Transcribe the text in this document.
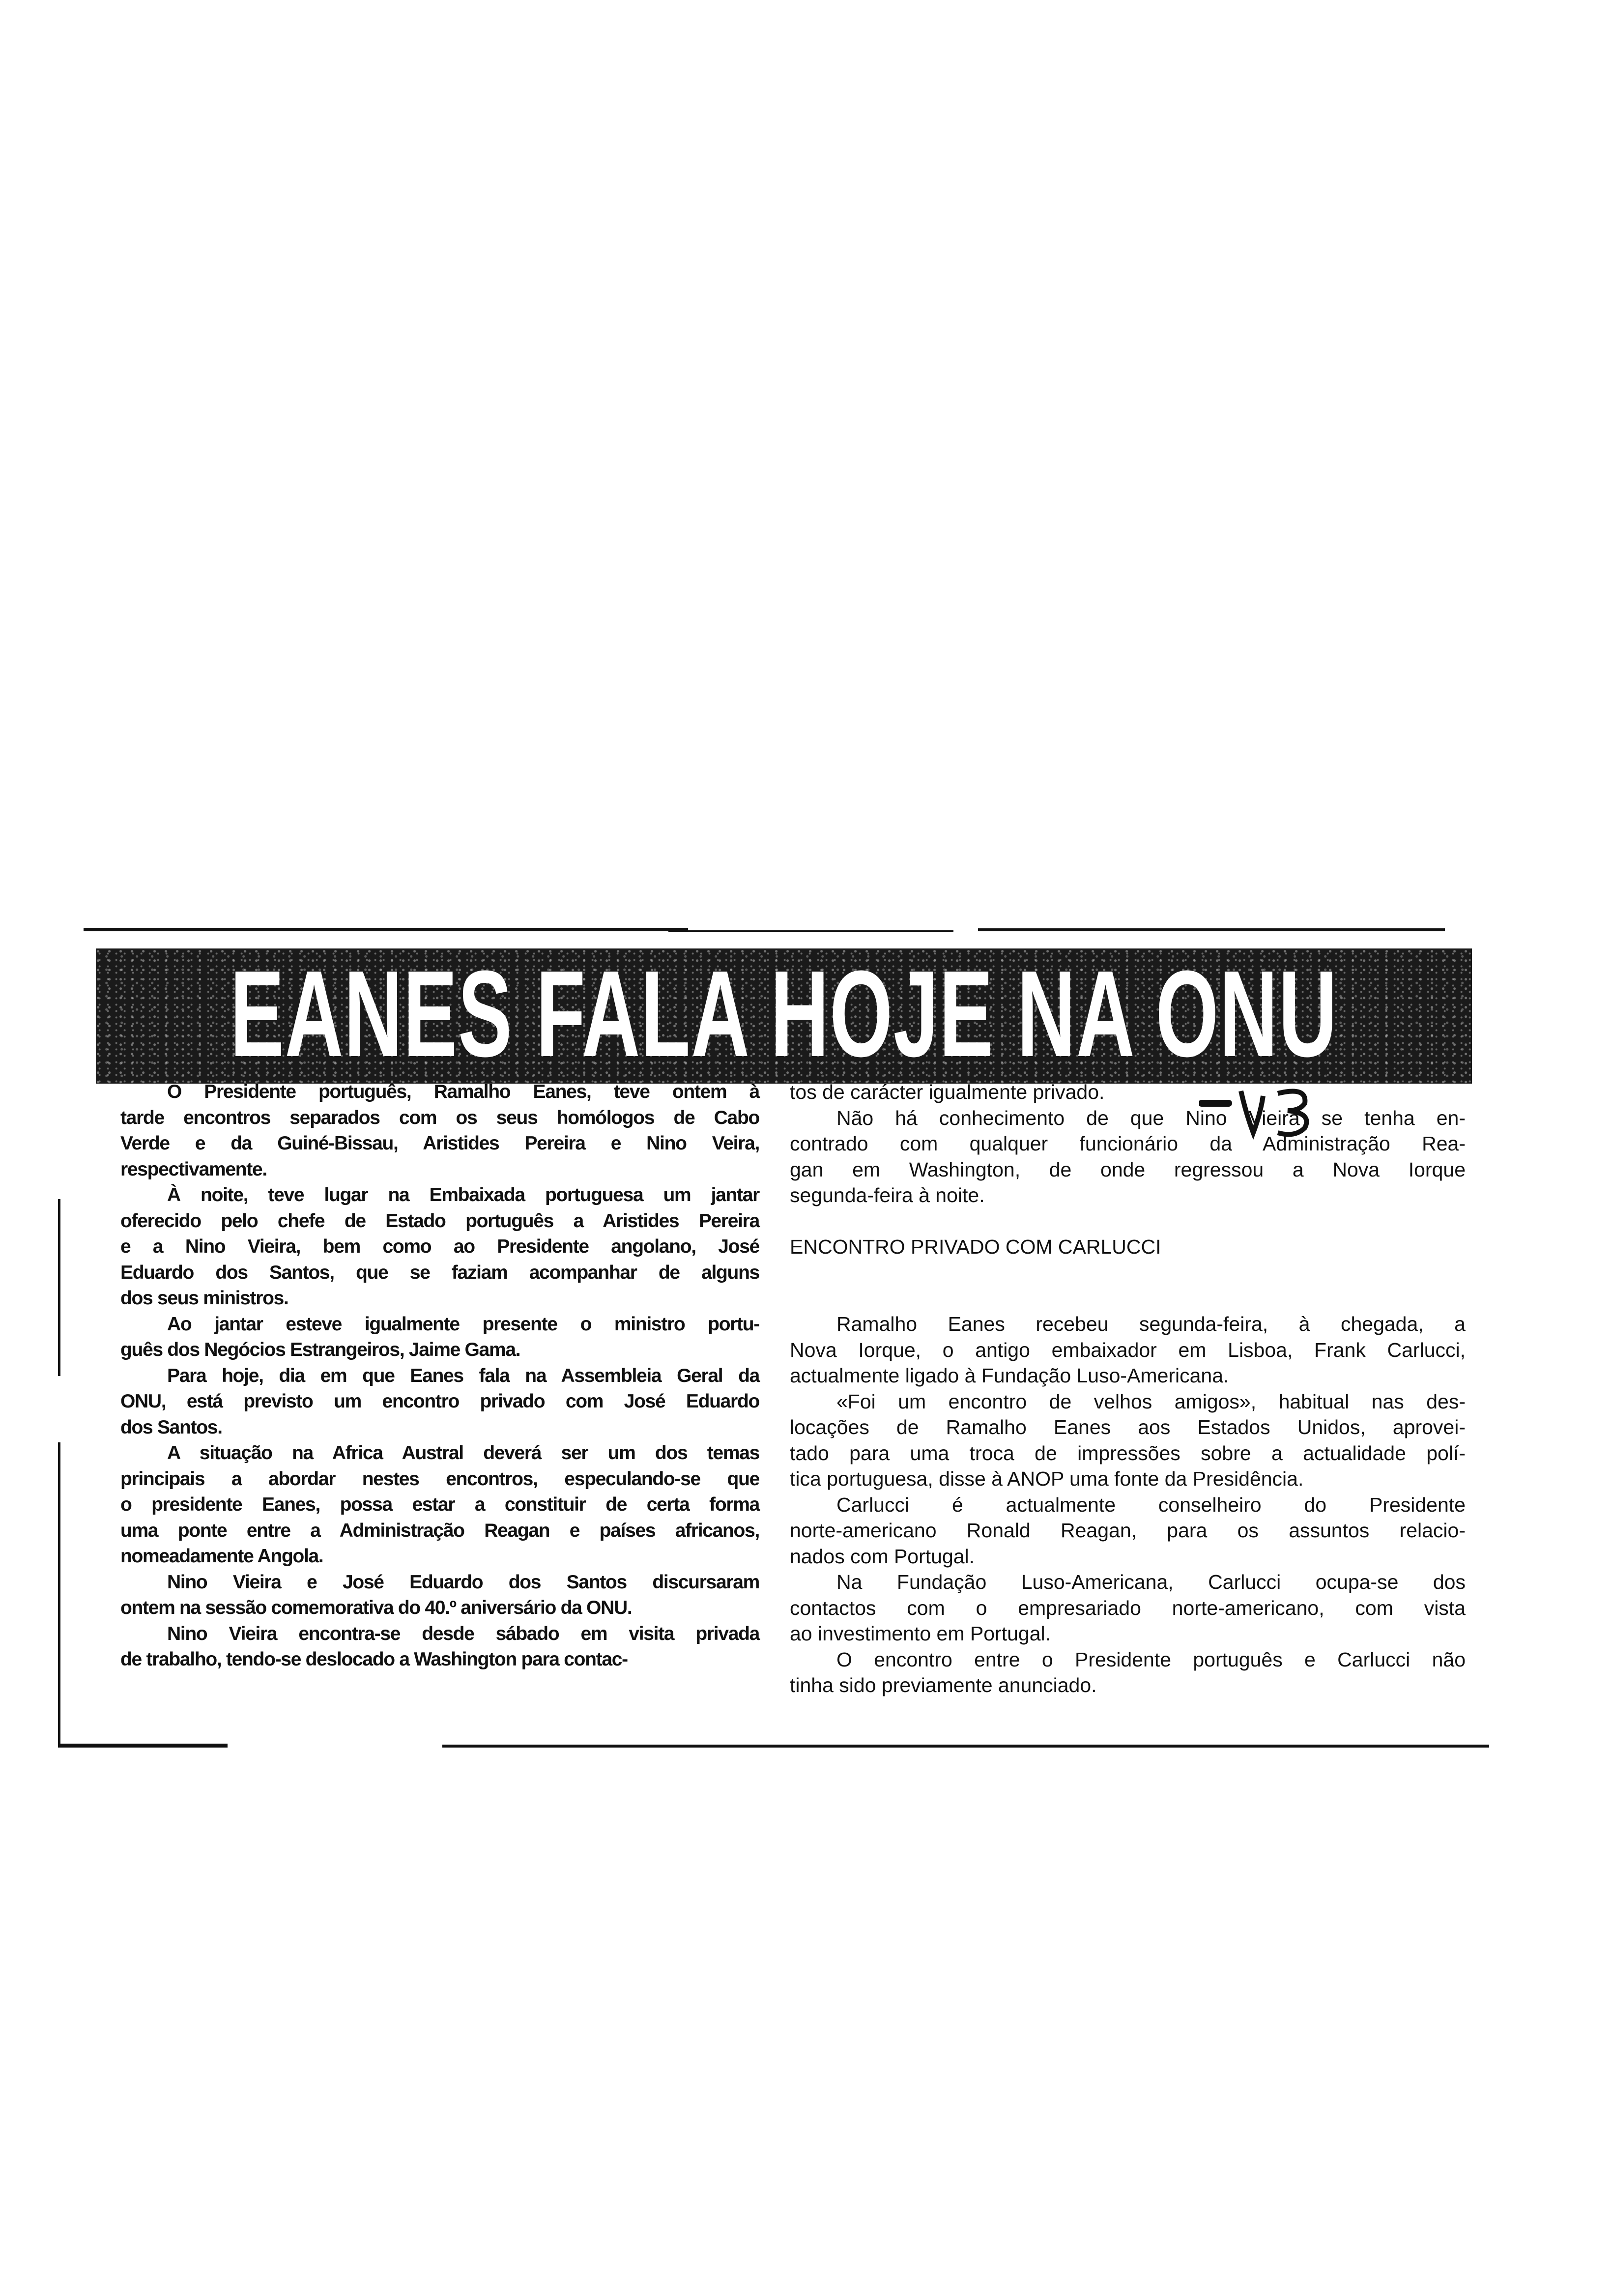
EANES FALA HOJE NA ONU
O Presidente português, Ramalho Eanes, teve ontem à
tarde encontros separados com os seus homólogos de Cabo
Verde e da Guiné-Bissau, Aristides Pereira e Nino Veira,
respectivamente.
À noite, teve lugar na Embaixada portuguesa um jantar
oferecido pelo chefe de Estado português a Aristides Pereira
e a Nino Vieira, bem como ao Presidente angolano, José
Eduardo dos Santos, que se faziam acompanhar de alguns
dos seus ministros.
Ao jantar esteve igualmente presente o ministro portu-
guês dos Negócios Estrangeiros, Jaime Gama.
Para hoje, dia em que Eanes fala na Assembleia Geral da
ONU, está previsto um encontro privado com José Eduardo
dos Santos.
A situação na Africa Austral deverá ser um dos temas
principais a abordar nestes encontros, especulando-se que
o presidente Eanes, possa estar a constituir de certa forma
uma ponte entre a Administração Reagan e países africanos,
nomeadamente Angola.
Nino Vieira e José Eduardo dos Santos discursaram
ontem na sessão comemorativa do 40.º aniversário da ONU.
Nino Vieira encontra-se desde sábado em visita privada
de trabalho, tendo-se deslocado a Washington para contac-
tos de carácter igualmente privado.
Não há conhecimento de que Nino Vieira se tenha en-
contrado com qualquer funcionário da Administração Rea-
gan em Washington, de onde regressou a Nova Iorque
segunda-feira à noite.
ENCONTRO PRIVADO COM CARLUCCI
Ramalho Eanes recebeu segunda-feira, à chegada, a
Nova Iorque, o antigo embaixador em Lisboa, Frank Carlucci,
actualmente ligado à Fundação Luso-Americana.
«Foi um encontro de velhos amigos», habitual nas des-
locações de Ramalho Eanes aos Estados Unidos, aprovei-
tado para uma troca de impressões sobre a actualidade polí-
tica portuguesa, disse à ANOP uma fonte da Presidência.
Carlucci é actualmente conselheiro do Presidente
norte-americano Ronald Reagan, para os assuntos relacio-
nados com Portugal.
Na Fundação Luso-Americana, Carlucci ocupa-se dos
contactos com o empresariado norte-americano, com vista
ao investimento em Portugal.
O encontro entre o Presidente português e Carlucci não
tinha sido previamente anunciado.
